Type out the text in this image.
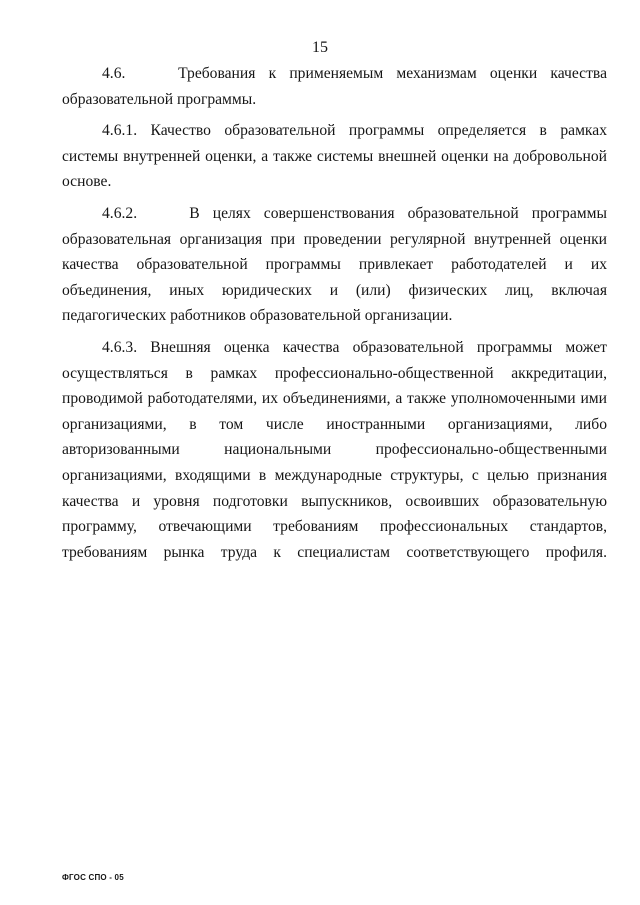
15

4.6.    Требования к применяемым механизмам оценки качества образовательной программы.

4.6.1. Качество образовательной программы определяется в рамках системы внутренней оценки, а также системы внешней оценки на добровольной основе.

4.6.2.    В целях совершенствования образовательной программы образовательная организация при проведении регулярной внутренней оценки качества образовательной программы привлекает работодателей и их объединения, иных юридических и (или) физических лиц, включая педагогических работников образовательной организации.

4.6.3. Внешняя оценка качества образовательной программы может осуществляться в рамках профессионально-общественной аккредитации, проводимой работодателями, их объединениями, а также уполномоченными ими организациями, в том числе иностранными организациями, либо авторизованными национальными профессионально-общественными организациями, входящими в международные структуры, с целью признания качества и уровня подготовки выпускников, освоивших образовательную программу, отвечающими требованиям профессиональных стандартов, требованиям рынка труда к специалистам соответствующего профиля.

ФГОС СПО - 05
